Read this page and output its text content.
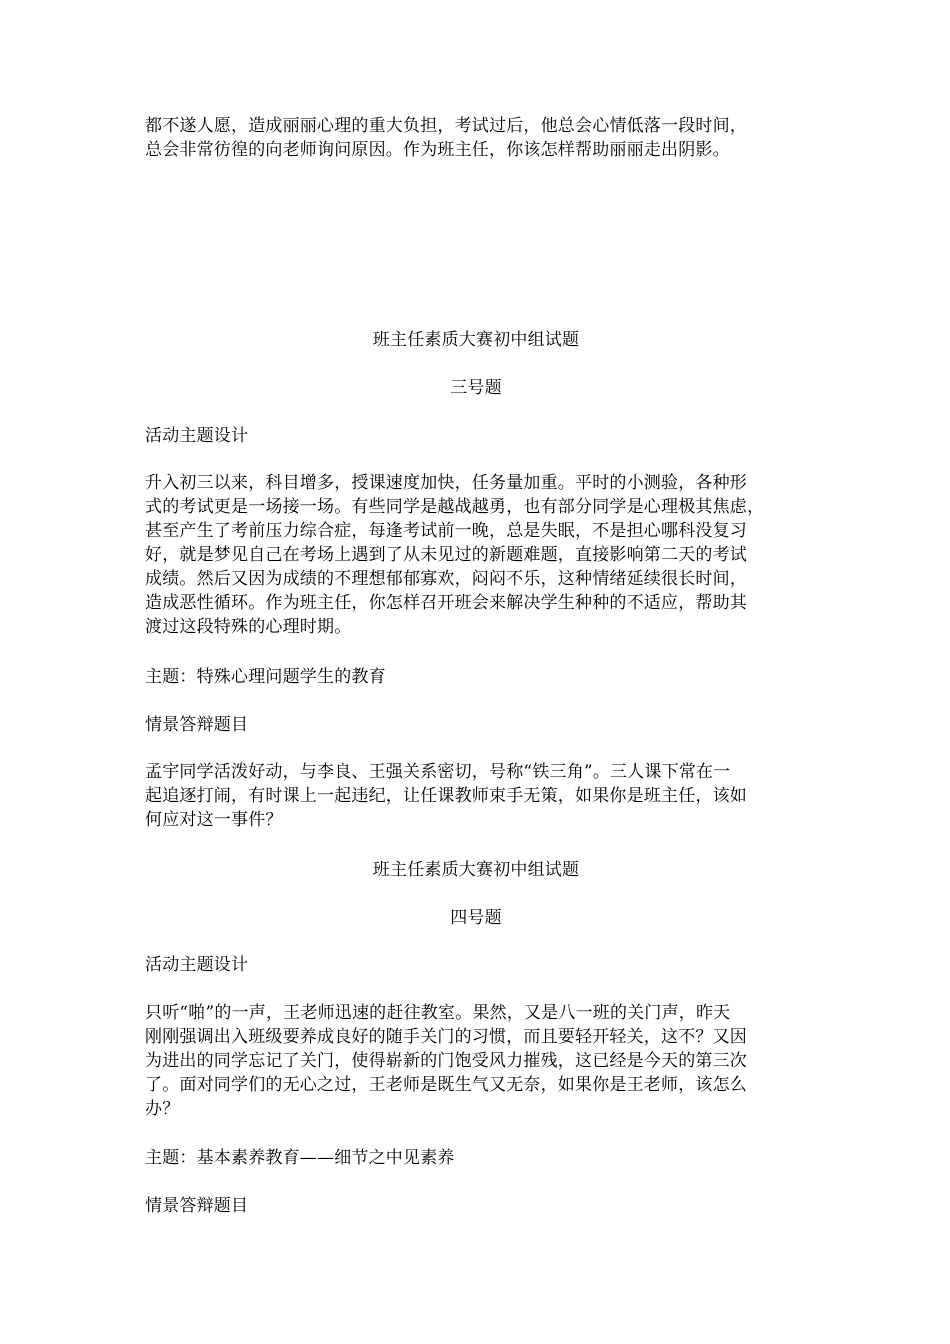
都不遂人愿，造成丽丽心理的重大负担，考试过后，他总会心情低落一段时间，
总会非常彷徨的向老师询问原因。作为班主任，你该怎样帮助丽丽走出阴影。
班主任素质大赛初中组试题
三号题
活动主题设计
升入初三以来，科目增多，授课速度加快，任务量加重。平时的小测验，各种形
式的考试更是一场接一场。有些同学是越战越勇，也有部分同学是心理极其焦虑，
甚至产生了考前压力综合症，每逢考试前一晚，总是失眠，不是担心哪科没复习
好，就是梦见自己在考场上遇到了从未见过的新题难题，直接影响第二天的考试
成绩。然后又因为成绩的不理想郁郁寡欢，闷闷不乐，这种情绪延续很长时间，
造成恶性循环。作为班主任，你怎样召开班会来解决学生种种的不适应，帮助其
渡过这段特殊的心理时期。
主题：特殊心理问题学生的教育
情景答辩题目
孟宇同学活泼好动，与李良、王强关系密切，号称“铁三角”。三人课下常在一
起追逐打闹，有时课上一起违纪，让任课教师束手无策，如果你是班主任，该如
何应对这一事件？
班主任素质大赛初中组试题
四号题
活动主题设计
只听“啪”的一声，王老师迅速的赶往教室。果然，又是八一班的关门声，昨天
刚刚强调出入班级要养成良好的随手关门的习惯，而且要轻开轻关，这不？又因
为进出的同学忘记了关门，使得崭新的门饱受风力摧残，这已经是今天的第三次
了。面对同学们的无心之过，王老师是既生气又无奈，如果你是王老师，该怎么
办？
主题：基本素养教育——细节之中见素养
情景答辩题目
